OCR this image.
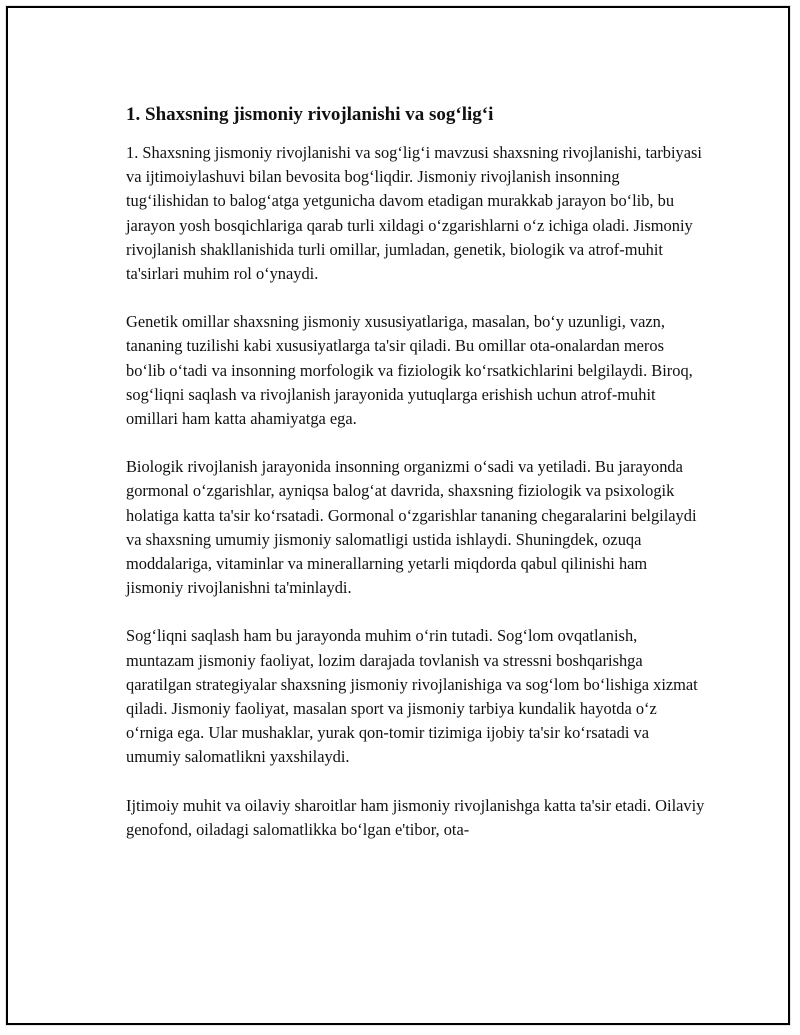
1. Shaxsning jismoniy rivojlanishi va sog‘lig‘i

1. Shaxsning jismoniy rivojlanishi va sog‘lig‘i mavzusi shaxsning rivojlanishi, tarbiyasi va ijtimoiylashuvi bilan bevosita bog‘liqdir. Jismoniy rivojlanish insonning tug‘ilishidan to balog‘atga yetgunicha davom etadigan murakkab jarayon bo‘lib, bu jarayon yosh bosqichlariga qarab turli xildagi o‘zgarishlarni o‘z ichiga oladi. Jismoniy rivojlanish shakllanishida turli omillar, jumladan, genetik, biologik va atrof-muhit ta'sirlari muhim rol o‘ynaydi.

Genetik omillar shaxsning jismoniy xususiyatlariga, masalan, bo‘y uzunligi, vazn, tananing tuzilishi kabi xususiyatlarga ta'sir qiladi. Bu omillar ota-onalardan meros bo‘lib o‘tadi va insonning morfologik va fiziologik ko‘rsatkichlarini belgilaydi. Biroq, sog‘liqni saqlash va rivojlanish jarayonida yutuqlarga erishish uchun atrof-muhit omillari ham katta ahamiyatga ega.

Biologik rivojlanish jarayonida insonning organizmi o‘sadi va yetiladi. Bu jarayonda gormonal o‘zgarishlar, ayniqsa balog‘at davrida, shaxsning fiziologik va psixologik holatiga katta ta'sir ko‘rsatadi. Gormonal o‘zgarishlar tananing chegaralarini belgilaydi va shaxsning umumiy jismoniy salomatligi ustida ishlaydi. Shuningdek, ozuqa moddalariga, vitaminlar va minerallarning yetarli miqdorda qabul qilinishi ham jismoniy rivojlanishni ta'minlaydi.

Sog‘liqni saqlash ham bu jarayonda muhim o‘rin tutadi. Sog‘lom ovqatlanish, muntazam jismoniy faoliyat, lozim darajada tovlanish va stressni boshqarishga qaratilgan strategiyalar shaxsning jismoniy rivojlanishiga va sog‘lom bo‘lishiga xizmat qiladi. Jismoniy faoliyat, masalan sport va jismoniy tarbiya kundalik hayotda o‘z o‘rniga ega. Ular mushaklar, yurak qon-tomir tizimiga ijobiy ta'sir ko‘rsatadi va umumiy salomatlikni yaxshilaydi.

Ijtimoiy muhit va oilaviy sharoitlar ham jismoniy rivojlanishga katta ta'sir etadi. Oilaviy genofond, oiladagi salomatlikka bo‘lgan e'tibor, ota-
